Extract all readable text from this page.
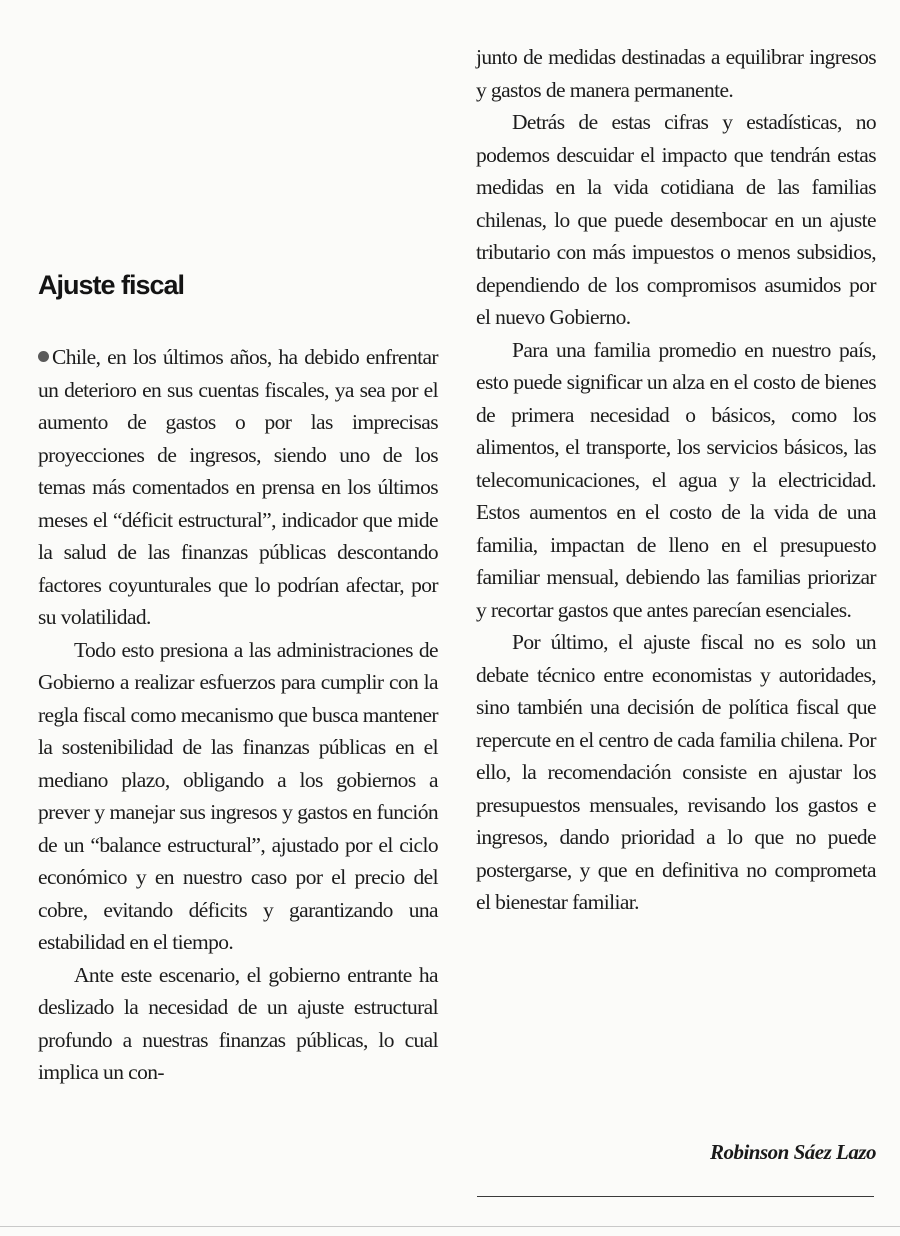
Ajuste fiscal

Chile, en los últimos años, ha debido enfrentar un deterioro en sus cuentas fiscales, ya sea por el aumento de gastos o por las imprecisas proyecciones de ingresos, siendo uno de los temas más comentados en prensa en los últimos meses el “déficit estructural”, indicador que mide la salud de las finanzas públicas descontando factores coyunturales que lo podrían afectar, por su volatilidad.

Todo esto presiona a las administraciones de Gobierno a realizar esfuerzos para cumplir con la regla fiscal como mecanismo que busca mantener la sostenibilidad de las finanzas públicas en el mediano plazo, obligando a los gobiernos a prever y manejar sus ingresos y gastos en función de un “balance estructural”, ajustado por el ciclo económico y en nuestro caso por el precio del cobre, evitando déficits y garantizando una estabilidad en el tiempo.

Ante este escenario, el gobierno entrante ha deslizado la necesidad de un ajuste estructural profundo a nuestras finanzas públicas, lo cual implica un con-

junto de medidas destinadas a equilibrar ingresos y gastos de manera permanente.

Detrás de estas cifras y estadísticas, no podemos descuidar el impacto que tendrán estas medidas en la vida cotidiana de las familias chilenas, lo que puede desembocar en un ajuste tributario con más impuestos o menos subsidios, dependiendo de los compromisos asumidos por el nuevo Gobierno.

Para una familia promedio en nuestro país, esto puede significar un alza en el costo de bienes de primera necesidad o básicos, como los alimentos, el transporte, los servicios básicos, las telecomunicaciones, el agua y la electricidad. Estos aumentos en el costo de la vida de una familia, impactan de lleno en el presupuesto familiar mensual, debiendo las familias priorizar y recortar gastos que antes parecían esenciales.

Por último, el ajuste fiscal no es solo un debate técnico entre economistas y autoridades, sino también una decisión de política fiscal que repercute en el centro de cada familia chilena. Por ello, la recomendación consiste en ajustar los presupuestos mensuales, revisando los gastos e ingresos, dando prioridad a lo que no puede postergarse, y que en definitiva no comprometa el bienestar familiar.

Robinson Sáez Lazo
